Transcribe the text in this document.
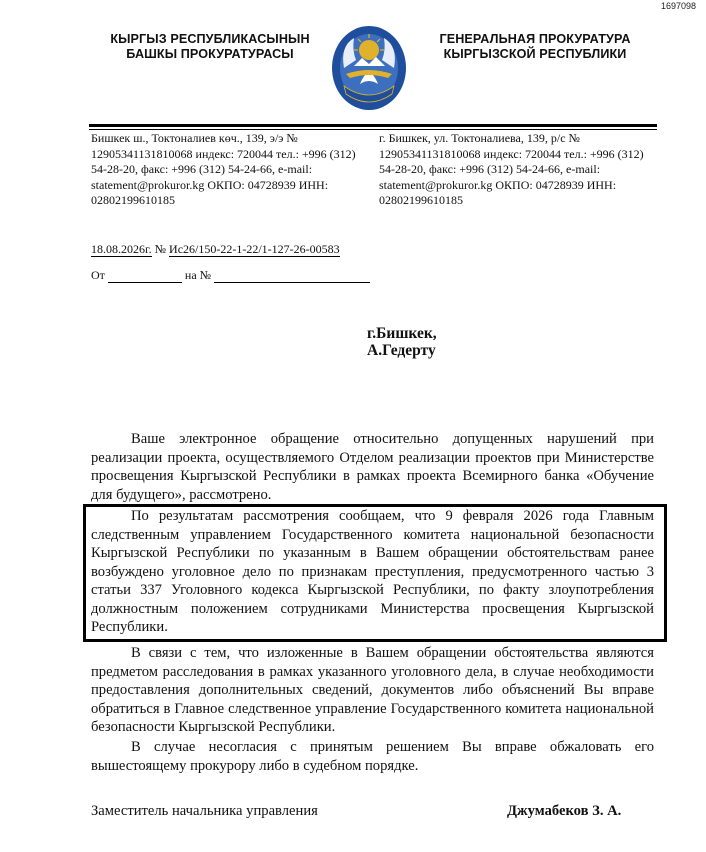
1697098
КЫРГЫЗ РЕСПУБЛИКАСЫНЫН БАШКЫ ПРОКУРАТУРАСЫ
ГЕНЕРАЛЬНАЯ ПРОКУРАТУРА КЫРГЫЗСКОЙ РЕСПУБЛИКИ
Бишкек ш., Токтоналиев көч., 139, э/э № 12905341131810068 индекс: 720044 тел.: +996 (312) 54-28-20, факс: +996 (312) 54-24-66, e-mail: statement@prokuror.kg ОКПО: 04728939 ИНН: 02802199610185
г. Бишкек, ул. Токтоналиева, 139, р/с № 12905341131810068 индекс: 720044 тел.: +996 (312) 54-28-20, факс: +996 (312) 54-24-66, e-mail: statement@prokuror.kg ОКПО: 04728939 ИНН: 02802199610185
18.08.2026г. № Ис26/150-22-1-22/1-127-26-00583
От	на №
г.Бишкек,
А.Гедерту

Ваше электронное обращение относительно допущенных нарушений при реализации проекта, осуществляемого Отделом реализации проектов при Министерстве просвещения Кыргызской Республики в рамках проекта Всемирного банка «Обучение для будущего», рассмотрено.

По результатам рассмотрения сообщаем, что 9 февраля 2026 года Главным следственным управлением Государственного комитета национальной безопасности Кыргызской Республики по указанным в Вашем обращении обстоятельствам ранее возбуждено уголовное дело по признакам преступления, предусмотренного частью 3 статьи 337 Уголовного кодекса Кыргызской Республики, по факту злоупотребления должностным положением сотрудниками Министерства просвещения Кыргызской Республики.

В связи с тем, что изложенные в Вашем обращении обстоятельства являются предметом расследования в рамках указанного уголовного дела, в случае необходимости предоставления дополнительных сведений, документов либо объяснений Вы вправе обратиться в Главное следственное управление Государственного комитета национальной безопасности Кыргызской Республики.

В случае несогласия с принятым решением Вы вправе обжаловать его вышестоящему прокурору либо в судебном порядке.

Заместитель начальника управления	Джумабеков З. А.
